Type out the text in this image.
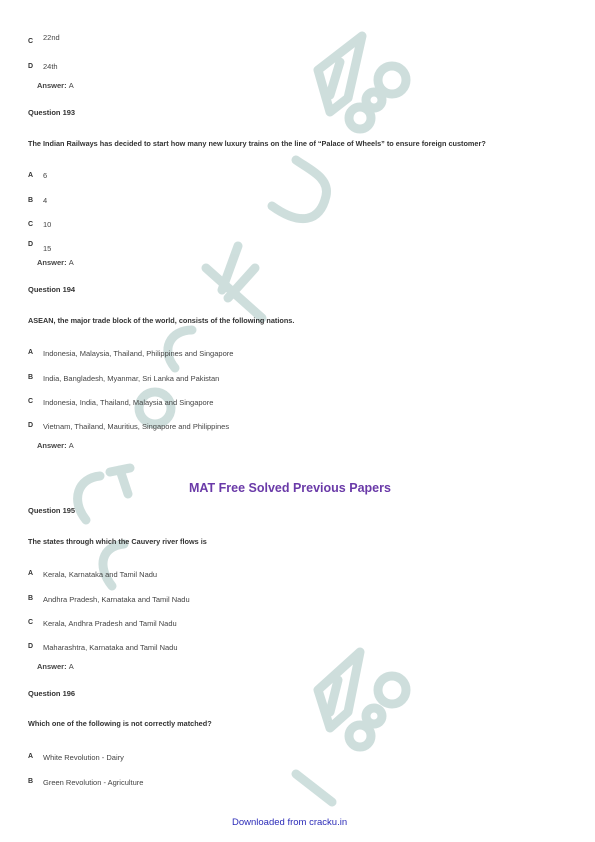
C 22nd
D 24th
Answer: A
Question 193
The Indian Railways has decided to start how many new luxury trains on the line of “Palace of Wheels” to ensure foreign customer?
A 6
B 4
C 10
D 15
Answer: A
Question 194
ASEAN, the major trade block of the world, consists of the following nations.
A Indonesia, Malaysia, Thailand, Philippines and Singapore
B India, Bangladesh, Myanmar, Sri Lanka and Pakistan
C Indonesia, India, Thailand, Malaysia and Singapore
D Vietnam, Thailand, Mauritius, Singapore and Philippines
Answer: A
MAT Free Solved Previous Papers
Question 195
The states through which the Cauvery river flows is
A Kerala, Karnataka and Tamil Nadu
B Andhra Pradesh, Karnataka and Tamil Nadu
C Kerala, Andhra Pradesh and Tamil Nadu
D Maharashtra, Karnataka and Tamil Nadu
Answer: A
Question 196
Which one of the following is not correctly matched?
A White Revolution - Dairy
B Green Revolution - Agriculture
Downloaded from cracku.in
